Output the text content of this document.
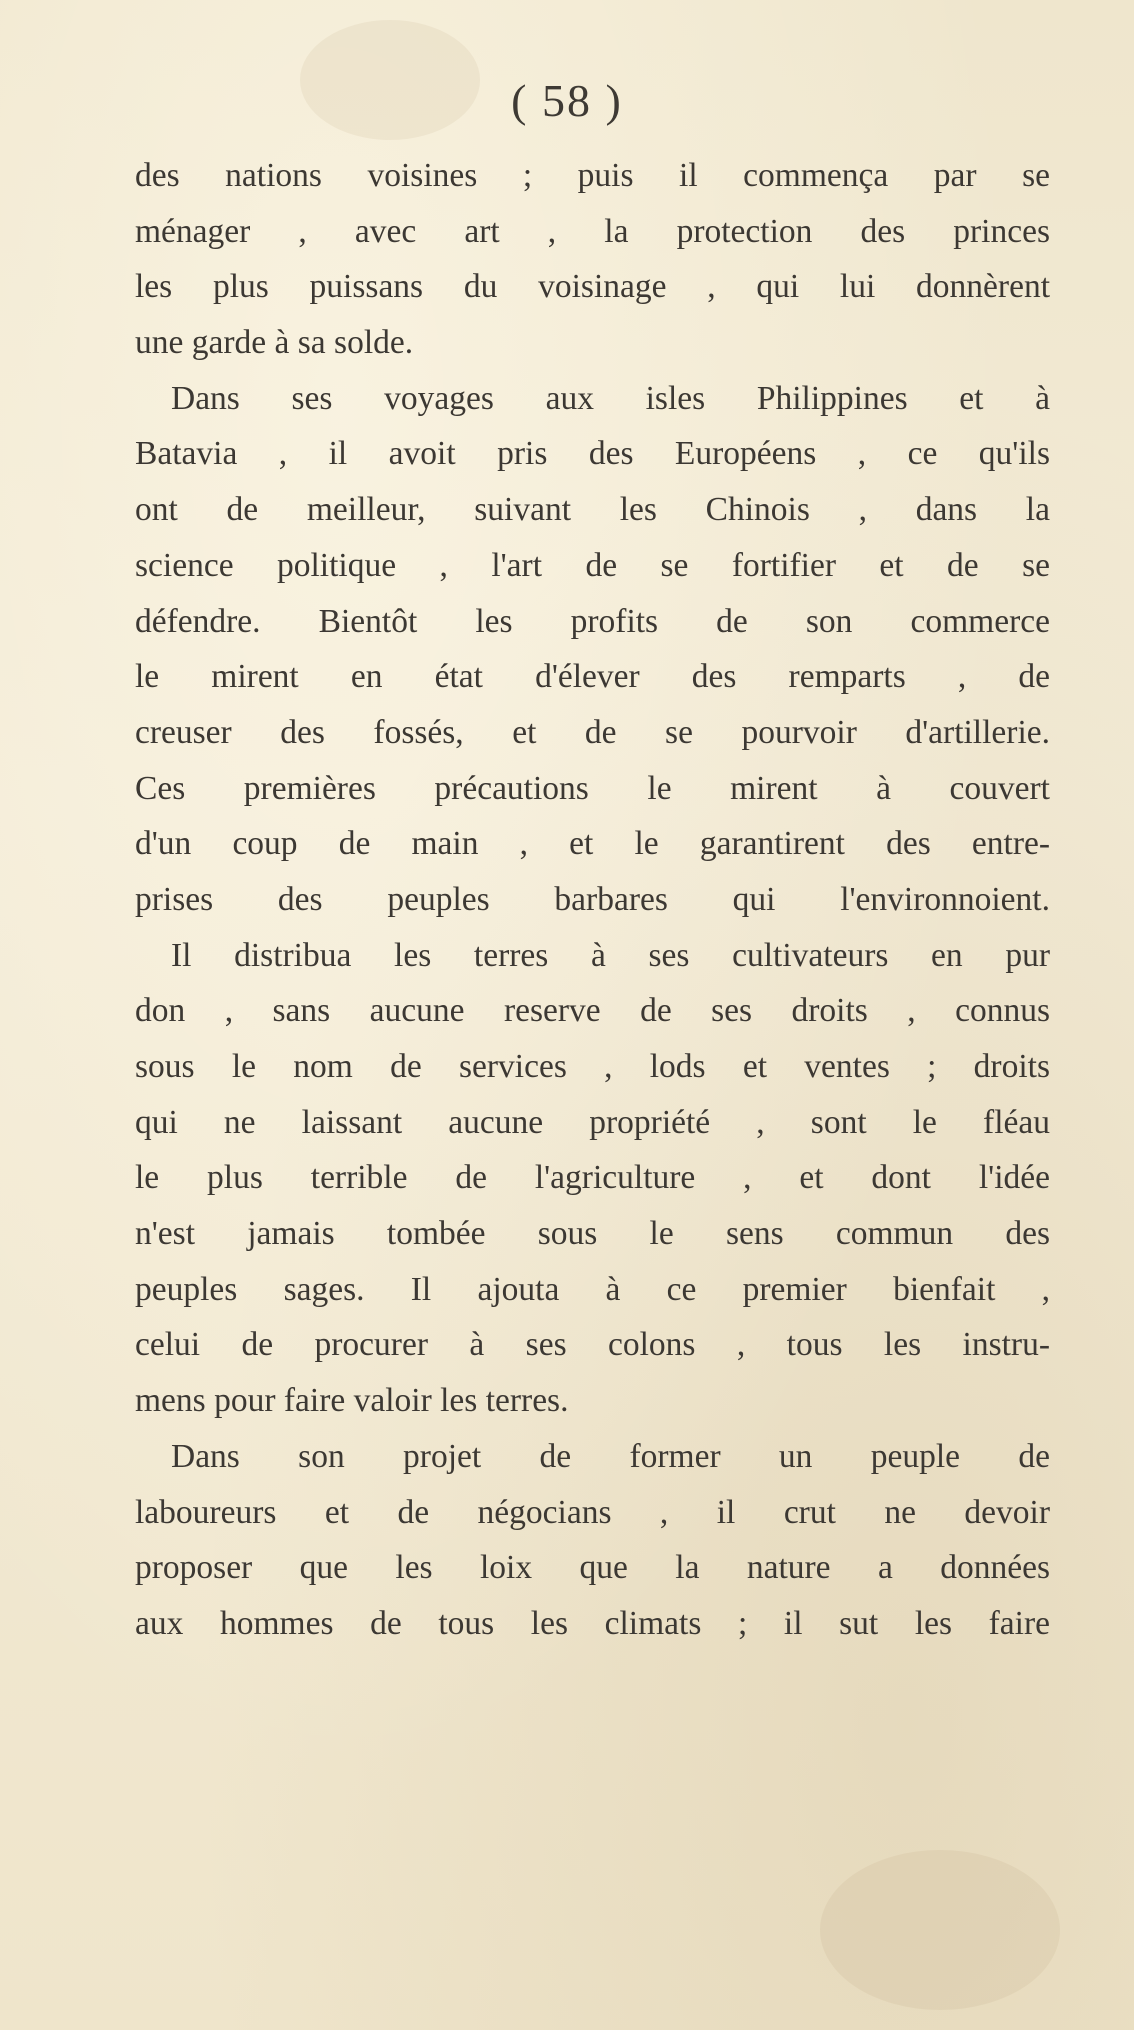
( 58 )
des nations voisines ; puis il commença par se
ménager , avec art , la protection des princes
les plus puissans du voisinage , qui lui donnèrent
une garde à sa solde.
Dans ses voyages aux isles Philippines et à
Batavia , il avoit pris des Européens , ce qu'ils
ont de meilleur, suivant les Chinois , dans la
science politique , l'art de se fortifier et de se
défendre. Bientôt les profits de son commerce
le mirent en état d'élever des remparts , de
creuser des fossés, et de se pourvoir d'artillerie.
Ces premières précautions le mirent à couvert
d'un coup de main , et le garantirent des entre-
prises des peuples barbares qui l'environnoient.
Il distribua les terres à ses cultivateurs en pur
don , sans aucune reserve de ses droits , connus
sous le nom de services , lods et ventes ; droits
qui ne laissant aucune propriété , sont le fléau
le plus terrible de l'agriculture , et dont l'idée
n'est jamais tombée sous le sens commun des
peuples sages. Il ajouta à ce premier bienfait ,
celui de procurer à ses colons , tous les instru-
mens pour faire valoir les terres.
Dans son projet de former un peuple de
laboureurs et de négocians , il crut ne devoir
proposer que les loix que la nature a données
aux hommes de tous les climats ; il sut les faire
